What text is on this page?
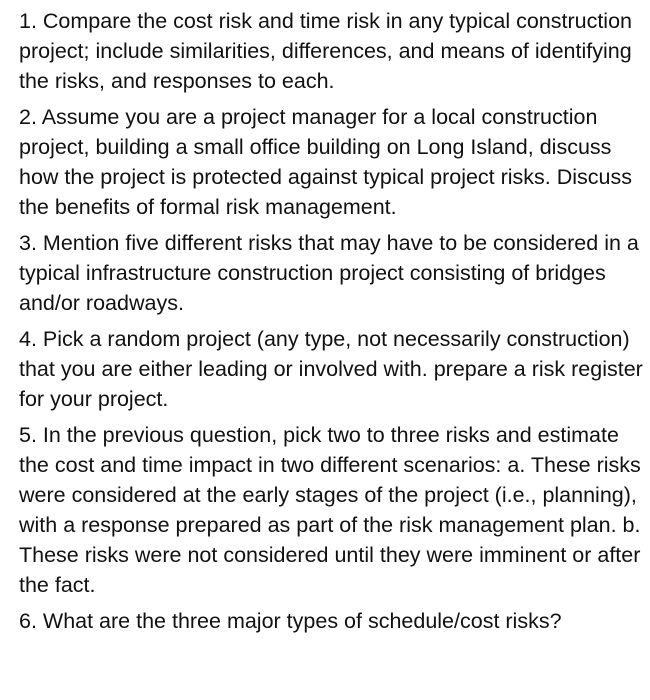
1. Compare the cost risk and time risk in any typical construction project; include similarities, differences, and means of identifying the risks, and responses to each.

2. Assume you are a project manager for a local construction project, building a small office building on Long Island, discuss how the project is protected against typical project risks. Discuss the benefits of formal risk management.

3. Mention five different risks that may have to be considered in a typical infrastructure construction project consisting of bridges and/or roadways.

4. Pick a random project (any type, not necessarily construction) that you are either leading or involved with. prepare a risk register for your project.

5. In the previous question, pick two to three risks and estimate the cost and time impact in two different scenarios: a. These risks were considered at the early stages of the project (i.e., planning), with a response prepared as part of the risk management plan. b. These risks were not considered until they were imminent or after the fact.

6. What are the three major types of schedule/cost risks?
